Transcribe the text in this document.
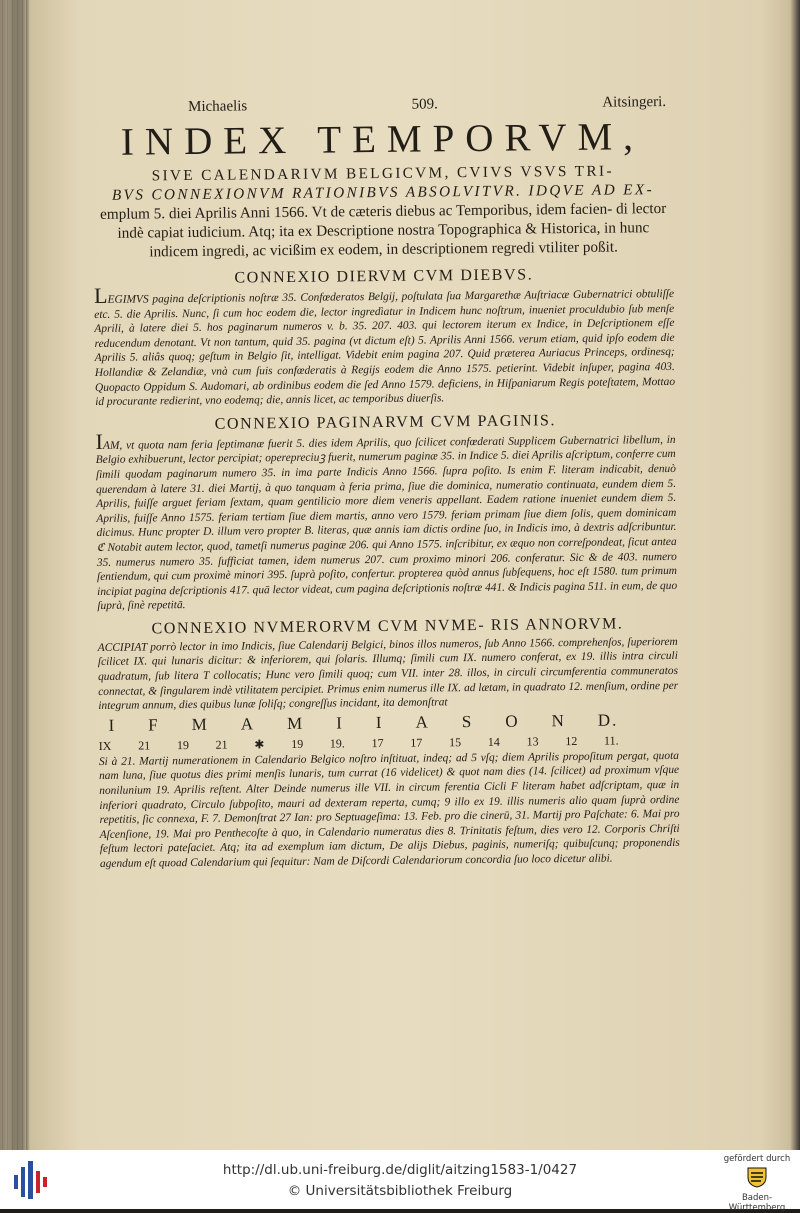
Michaelis	509.	Aitsingeri.
INDEX TEMPORVM,
SIVE CALENDARIVM BELGICVM, CVIVS VSVS TRI-
BVS CONNEXIONVM RATIONIBVS ABSOLVITVR. IDQVE AD EX-
emplum 5. diei Aprilis Anni 1566. Vt de cæteris diebus ac Temporibus, idem facien- di lector indè capiat iudicium. Atq; ita ex Descriptione nostra Topographica & Historica, in hunc indicem ingredi, ac vicißim ex eodem, in descriptionem regredi vtiliter poßit.
CONNEXIO DIERVM CVM DIEBVS.

LEGIMVS pagina deſcriptionis noſtræ 35. Confœderatos Belgij, poſtulata ſua Margarethæ Auſtriacæ Gubernatrici obtuliſſe etc. 5. die Aprilis. Nunc, ſi cum hoc eodem die, lector ingredìatur in Indicem hunc noſtrum, inueniet proculdubio ſub menſe Aprili, à latere diei 5. hos paginarum numeros v. b. 35. 207. 403. qui lectorem iterum ex Indice, in Deſcriptionem eſſe reducendum denotant. Vt non tantum, quid 35. pagina (vt dictum eſt) 5. Aprilis Anni 1566. verum etiam, quid ipſo eodem die Aprilis 5. aliâs quoq; geſtum in Belgio ſit, intelligat. Videbit enim pagina 207. Quid præterea Auriacus Princeps, ordinesq; Hollandiæ & Zelandiæ, vnà cum ſuis confœderatis à Regijs eodem die Anno 1575. petierint. Videbit inſuper, pagina 403. Quopacto Oppidum S. Audomari, ab ordinibus eodem die ſed Anno 1579. deficiens, in Hiſpaniarum Regis poteſtatem, Mottao id procurante redierint, vno eodemq; die, annis licet, ac temporibus diuerſis.

CONNEXIO PAGINARVM CVM PAGINIS.

IAM, vt quota nam feria ſeptimanæ fuerit 5. dies idem Aprilis, quo ſcilicet confœderati Supplicem Gubernatrici libellum, in Belgio exhibuerunt, lector percipiat; operepreciuꝫ fuerit, numerum paginæ 35. in Indice 5. diei Aprilis aſcriptum, conferre cum ſimili quodam paginarum numero 35. in ima parte Indicis Anno 1566. ſupra poſito. Is enim F. literam indicabit, denuò querendam à latere 31. diei Martij, à quo tanquam à feria prima, ſiue die dominica, numeratio continuata, eundem diem 5. Aprilis, fuiſſe arguet feriam ſextam, quam gentilicio more diem veneris appellant. Eadem ratione inueniet eundem diem 5. Aprilis, fuiſſe Anno 1575. feriam tertiam ſiue diem martis, anno vero 1579. feriam primam ſiue diem ſolis, quem dominicam dicimus. Hunc propter D. illum vero propter B. literas, quæ annis iam dictis ordine ſuo, in Indicis imo, à dextris adſcribuntur. ℭ Notabit autem lector, quod, tametſi numerus paginæ 206. qui Anno 1575. inſcribitur, ex æquo non correſpondeat, ſicut antea 35. numerus numero 35. ſufficiat tamen, idem numerus 207. cum proximo minori 206. conferatur. Sic & de 403. numero ſentiendum, qui cum proximè minori 395. ſuprà poſito, confertur. propterea quòd annus ſubſequens, hoc eſt 1580. tum primum incipiat pagina deſcriptionis 417. quā lector videat, cum pagina deſcriptionis noſtræ 441. & Indicis pagina 511. in eum, de quo ſuprà, ſinè repetitā.

CONNEXIO NVMERORVM CVM NVME- RIS ANNORVM.

ACCIPIAT porrò lector in imo Indicis, ſiue Calendarij Belgici, binos illos numeros, ſub Anno 1566. comprehenſos, ſuperiorem ſcilicet IX. qui lunaris dicitur: & inferiorem, qui ſolaris. Illumq; ſimili cum IX. numero conferat, ex 19. illis intra circuli quadratum, ſub litera T collocatis; Hunc vero ſimili quoq; cum VII. inter 28. illos, in circuli circumferentia communeratos connectat, & ſingularem indè vtilitatem percipiet. Primus enim numerus ille IX. ad lætam, in quadrato 12. menſium, ordine per integrum annum, dies quibus lunæ ſoliſq; congreſſus incidant, ita demonſtrat

I F M A M I I A S O N D.
IX 21 19 21 ✱ 19 19. 17 17 15 14 13 12 11.

Si à 21. Martij numerationem in Calendario Belgico noſtro inſtituat, indeq; ad 5 vſq; diem Aprilis propoſitum pergat, quota nam luna, ſiue quotus dies primi menſis lunaris, tum currat (16 videlicet) & quot nam dies (14. ſcilicet) ad proximum vſque nonilunium 19. Aprilis reſtent. Alter Deinde numerus ille VII. in circum ferentia Cicli F literam habet adſcriptam, quæ in inferiori quadrato, Circulo ſubpoſito, mauri ad dexteram reperta, cumq; 9 illo ex 19. illis numeris alio quam ſuprà ordine repetitis, ſic connexa, F. 7. Demonſtrat 27 Ian: pro Septuageſima: 13. Feb. pro die cinerū, 31. Martij pro Paſchate: 6. Mai pro Aſcenſione, 19. Mai pro Penthecoſte à quo, in Calendario numeratus dies 8. Trinitatis feſtum, dies vero 12. Corporis Chriſti feſtum lectori pateſaciet. Atq; ita ad exemplum iam dictum, De alijs Diebus, paginis, numeriſq; quibuſcunq; proponendis agendum eſt quoad Calendarium qui ſequitur: Nam de Diſcordi Calendariorum concordia ſuo loco dicetur alibi.

http://dl.ub.uni-freiburg.de/diglit/aitzing1583-1/0427
© Universitätsbibliothek Freiburg
gefördert durch
Baden-Württemberg
